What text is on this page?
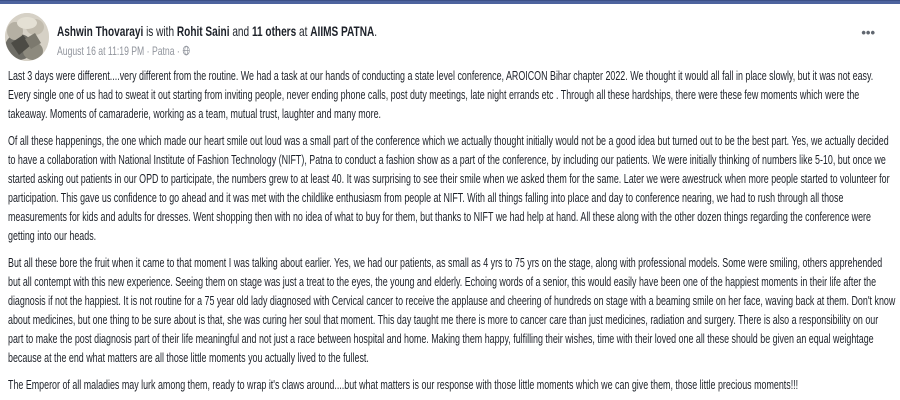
Ashwin Thovarayi is with Rohit Saini and 11 others at AIIMS PATNA.
August 16 at 11:19 PM · Patna ·
•••

Last 3 days were different....very different from the routine. We had a task at our hands of conducting a state level conference, AROICON Bihar chapter 2022. We thought it would all fall in place slowly, but it was not easy. Every single one of us had to sweat it out starting from inviting people, never ending phone calls, post duty meetings, late night errands etc . Through all these hardships, there were these few moments which were the takeaway. Moments of camaraderie, working as a team, mutual trust, laughter and many more.

Of all these happenings, the one which made our heart smile out loud was a small part of the conference which we actually thought initially would not be a good idea but turned out to be the best part. Yes, we actually decided to have a collaboration with National Institute of Fashion Technology (NIFT), Patna to conduct a fashion show as a part of the conference, by including our patients. We were initially thinking of numbers like 5-10, but once we started asking out patients in our OPD to participate, the numbers grew to at least 40. It was surprising to see their smile when we asked them for the same. Later we were awestruck when more people started to volunteer for participation. This gave us confidence to go ahead and it was met with the childlike enthusiasm from people at NIFT. With all things falling into place and day to conference nearing, we had to rush through all those measurements for kids and adults for dresses. Went shopping then with no idea of what to buy for them, but thanks to NIFT we had help at hand. All these along with the other dozen things regarding the conference were getting into our heads.

But all these bore the fruit when it came to that moment I was talking about earlier. Yes, we had our patients, as small as 4 yrs to 75 yrs on the stage, along with professional models. Some were smiling, others apprehended but all contempt with this new experience. Seeing them on stage was just a treat to the eyes, the young and elderly. Echoing words of a senior, this would easily have been one of the happiest moments in their life after the diagnosis if not the happiest. It is not routine for a 75 year old lady diagnosed with Cervical cancer to receive the applause and cheering of hundreds on stage with a beaming smile on her face, waving back at them. Don't know about medicines, but one thing to be sure about is that, she was curing her soul that moment. This day taught me there is more to cancer care than just medicines, radiation and surgery. There is also a responsibility on our part to make the post diagnosis part of their life meaningful and not just a race between hospital and home. Making them happy, fulfilling their wishes, time with their loved one all these should be given an equal weightage because at the end what matters are all those little moments you actually lived to the fullest.

The Emperor of all maladies may lurk among them, ready to wrap it's claws around....but what matters is our response with those little moments which we can give them, those little precious moments!!!
